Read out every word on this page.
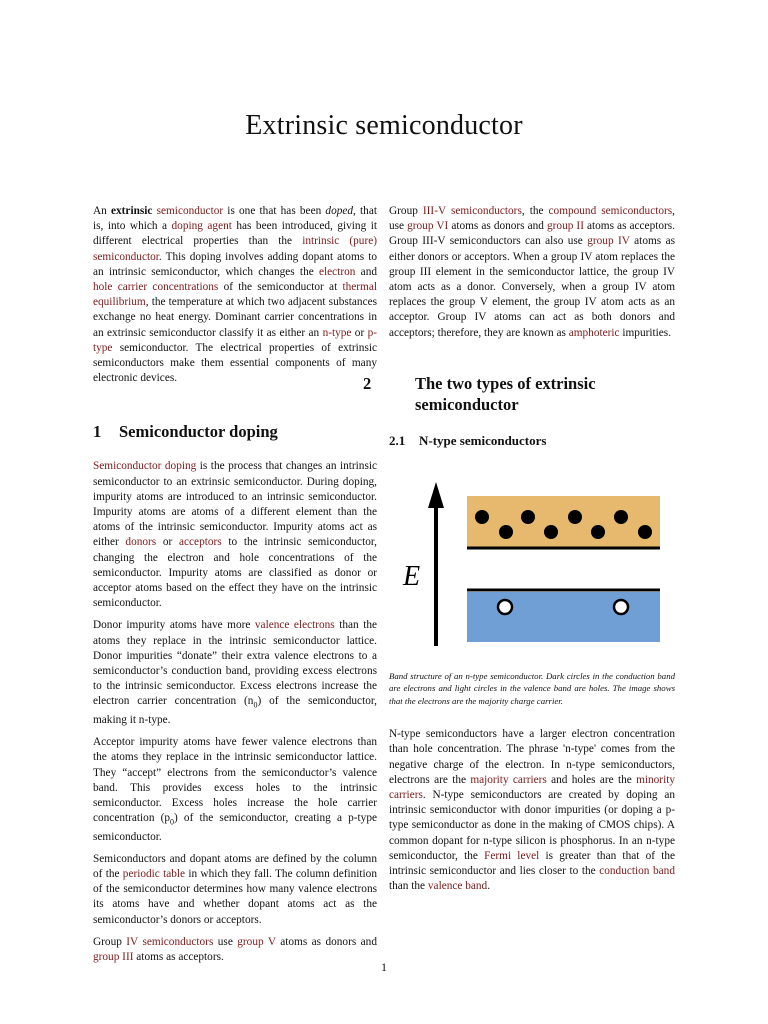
Extrinsic semiconductor

An extrinsic semiconductor is one that has been doped, that is, into which a doping agent has been introduced, giving it different electrical properties than the intrinsic (pure) semiconductor. This doping involves adding dopant atoms to an intrinsic semiconductor, which changes the electron and hole carrier concentrations of the semiconductor at thermal equilibrium, the temperature at which two adjacent substances exchange no heat energy. Dominant carrier concentrations in an extrinsic semiconductor classify it as either an n-type or p-type semiconductor. The electrical properties of extrinsic semiconductors make them essential components of many electronic devices.

1 Semiconductor doping

Semiconductor doping is the process that changes an intrinsic semiconductor to an extrinsic semiconductor. During doping, impurity atoms are introduced to an intrinsic semiconductor. Impurity atoms are atoms of a different element than the atoms of the intrinsic semiconductor. Impurity atoms act as either donors or acceptors to the intrinsic semiconductor, changing the electron and hole concentrations of the semiconductor. Impurity atoms are classified as donor or acceptor atoms based on the effect they have on the intrinsic semiconductor.

Donor impurity atoms have more valence electrons than the atoms they replace in the intrinsic semiconductor lattice. Donor impurities “donate” their extra valence electrons to a semiconductor’s conduction band, providing excess electrons to the intrinsic semiconductor. Excess electrons increase the electron carrier concentration $(n_0)$ of the semiconductor, making it n-type.

Acceptor impurity atoms have fewer valence electrons than the atoms they replace in the intrinsic semiconductor lattice. They “accept” electrons from the semiconductor’s valence band. This provides excess holes to the intrinsic semiconductor. Excess holes increase the hole carrier concentration $(p_0)$ of the semiconductor, creating a p-type semiconductor.

Semiconductors and dopant atoms are defined by the column of the periodic table in which they fall. The column definition of the semiconductor determines how many valence electrons its atoms have and whether dopant atoms act as the semiconductor’s donors or acceptors.

Group IV semiconductors use group V atoms as donors and group III atoms as acceptors.

Group III-V semiconductors, the compound semiconductors, use group VI atoms as donors and group II atoms as acceptors. Group III-V semiconductors can also use group IV atoms as either donors or acceptors. When a group IV atom replaces the group III element in the semiconductor lattice, the group IV atom acts as a donor. Conversely, when a group IV atom replaces the group V element, the group IV atom acts as an acceptor. Group IV atoms can act as both donors and acceptors; therefore, they are known as amphoteric impurities.

2	The two types of extrinsic semiconductor
2.1 N-type semiconductors
E

Band structure of an n-type semiconductor. Dark circles in the conduction band are electrons and light circles in the valence band are holes. The image shows that the electrons are the majority charge carrier.

N-type semiconductors have a larger electron concentration than hole concentration. The phrase 'n-type' comes from the negative charge of the electron. In n-type semiconductors, electrons are the majority carriers and holes are the minority carriers. N-type semiconductors are created by doping an intrinsic semiconductor with donor impurities (or doping a p-type semiconductor as done in the making of CMOS chips). A common dopant for n-type silicon is phosphorus. In an n-type semiconductor, the Fermi level is greater than that of the intrinsic semiconductor and lies closer to the conduction band than the valence band.

1
